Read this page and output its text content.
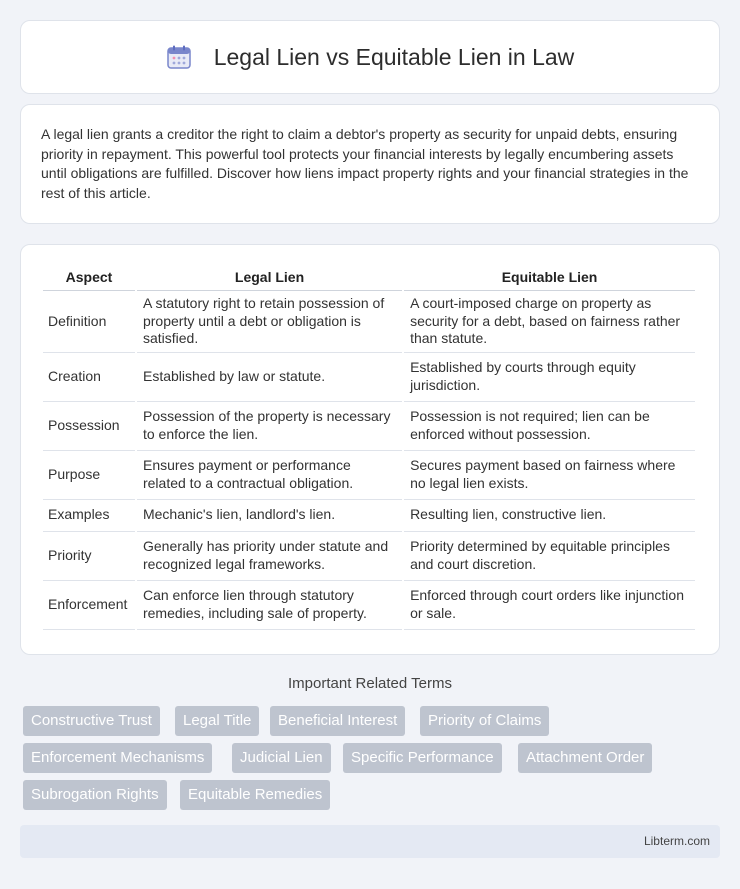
Legal Lien vs Equitable Lien in Law

A legal lien grants a creditor the right to claim a debtor's property as security for unpaid debts, ensuring priority in repayment. This powerful tool protects your financial interests by legally encumbering assets until obligations are fulfilled. Discover how liens impact property rights and your financial strategies in the rest of this article.

Aspect	Legal Lien	Equitable Lien
Definition	A statutory right to retain possession of property until a debt or obligation is satisfied.	A court-imposed charge on property as security for a debt, based on fairness rather than statute.
Creation	Established by law or statute.	Established by courts through equity jurisdiction.
Possession	Possession of the property is necessary to enforce the lien.	Possession is not required; lien can be enforced without possession.
Purpose	Ensures payment or performance related to a contractual obligation.	Secures payment based on fairness where no legal lien exists.
Examples	Mechanic's lien, landlord's lien.	Resulting lien, constructive lien.
Priority	Generally has priority under statute and recognized legal frameworks.	Priority determined by equitable principles and court discretion.
Enforcement	Can enforce lien through statutory remedies, including sale of property.	Enforced through court orders like injunction or sale.
Important Related Terms
Constructive Trust	Legal Title	Beneficial Interest	Priority of Claims
Enforcement Mechanisms	Judicial Lien	Specific Performance	Attachment Order
Subrogation Rights	Equitable Remedies
Libterm.com
